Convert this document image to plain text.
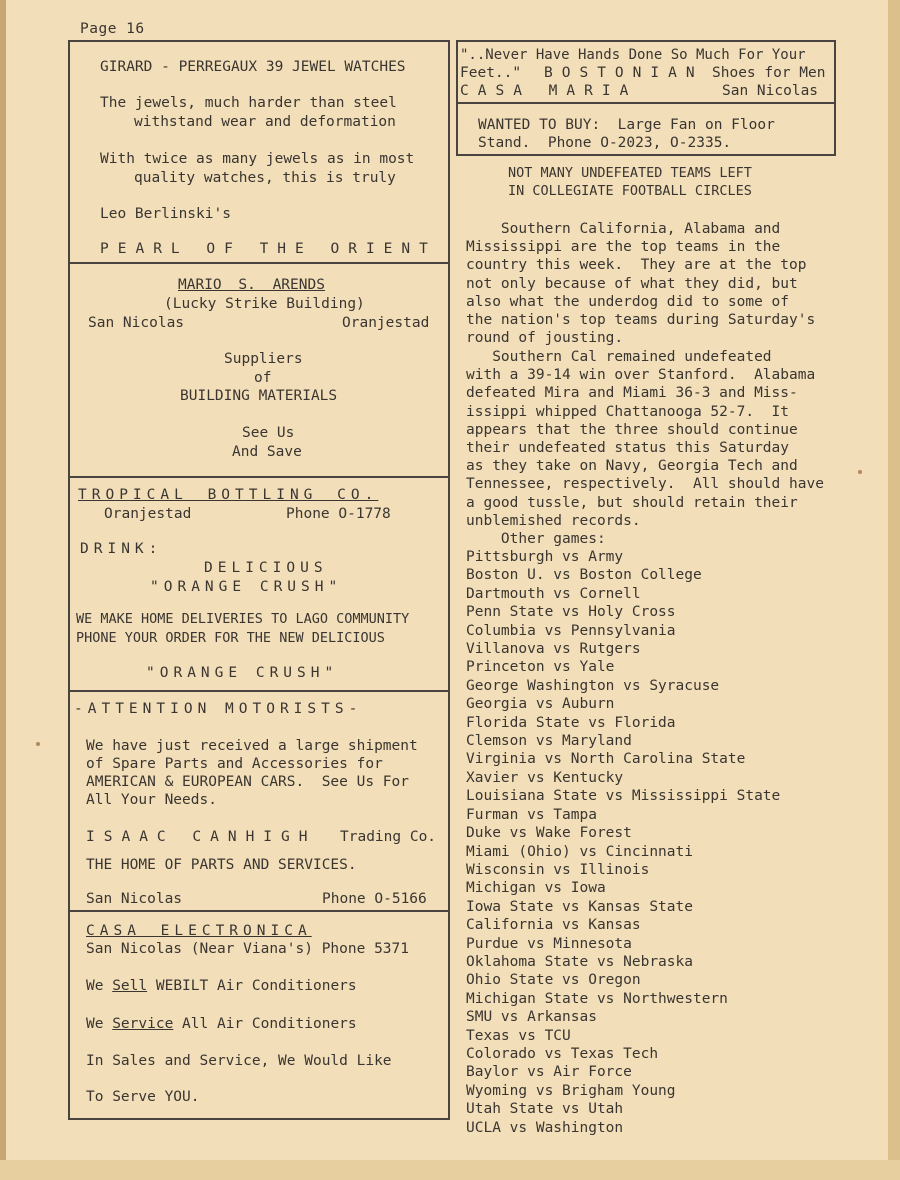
Page 16
GIRARD - PERREGAUX 39 JEWEL WATCHES
The jewels, much harder than steel
withstand wear and deformation
With twice as many jewels as in most
quality watches, this is truly
Leo Berlinski's
PEARL OF THE ORIENT
MARIO S. ARENDS
(Lucky Strike Building)
San Nicolas	Oranjestad
Suppliers
of
BUILDING MATERIALS
See Us
And Save
TROPICAL BOTTLING CO.
Oranjestad	Phone O-1778
DRINK:
DELICIOUS
"ORANGE CRUSH"
WE MAKE HOME DELIVERIES TO LAGO COMMUNITY
PHONE YOUR ORDER FOR THE NEW DELICIOUS
"ORANGE CRUSH"
-ATTENTION MOTORISTS-
We have just received a large shipment
of Spare Parts and Accessories for
AMERICAN & EUROPEAN CARS.  See Us For
All Your Needs.
ISAAC CANHIGH Trading Co.
THE HOME OF PARTS AND SERVICES.
San Nicolas	Phone O-5166
CASA ELECTRONICA
San Nicolas (Near Viana's) Phone 5371
We Sell WEBILT Air Conditioners
We Service All Air Conditioners
In Sales and Service, We Would Like
To Serve YOU.
"..Never Have Hands Done So Much For Your
Feet.." BOSTONIAN Shoes for Men
CASA MARIA	San Nicolas
WANTED TO BUY:  Large Fan on Floor
Stand.  Phone O-2023, O-2335.
NOT MANY UNDEFEATED TEAMS LEFT
IN COLLEGIATE FOOTBALL CIRCLES
Southern California, Alabama and
Mississippi are the top teams in the
country this week.  They are at the top
not only because of what they did, but
also what the underdog did to some of
the nation's top teams during Saturday's
round of jousting.
Southern Cal remained undefeated
with a 39-14 win over Stanford.  Alabama
defeated Mira and Miami 36-3 and Miss-
issippi whipped Chattanooga 52-7.  It
appears that the three should continue
their undefeated status this Saturday
as they take on Navy, Georgia Tech and
Tennessee, respectively.  All should have
a good tussle, but should retain their
unblemished records.
Other games:
Pittsburgh vs Army
Boston U. vs Boston College
Dartmouth vs Cornell
Penn State vs Holy Cross
Columbia vs Pennsylvania
Villanova vs Rutgers
Princeton vs Yale
George Washington vs Syracuse
Georgia vs Auburn
Florida State vs Florida
Clemson vs Maryland
Virginia vs North Carolina State
Xavier vs Kentucky
Louisiana State vs Mississippi State
Furman vs Tampa
Duke vs Wake Forest
Miami (Ohio) vs Cincinnati
Wisconsin vs Illinois
Michigan vs Iowa
Iowa State vs Kansas State
California vs Kansas
Purdue vs Minnesota
Oklahoma State vs Nebraska
Ohio State vs Oregon
Michigan State vs Northwestern
SMU vs Arkansas
Texas vs TCU
Colorado vs Texas Tech
Baylor vs Air Force
Wyoming vs Brigham Young
Utah State vs Utah
UCLA vs Washington
